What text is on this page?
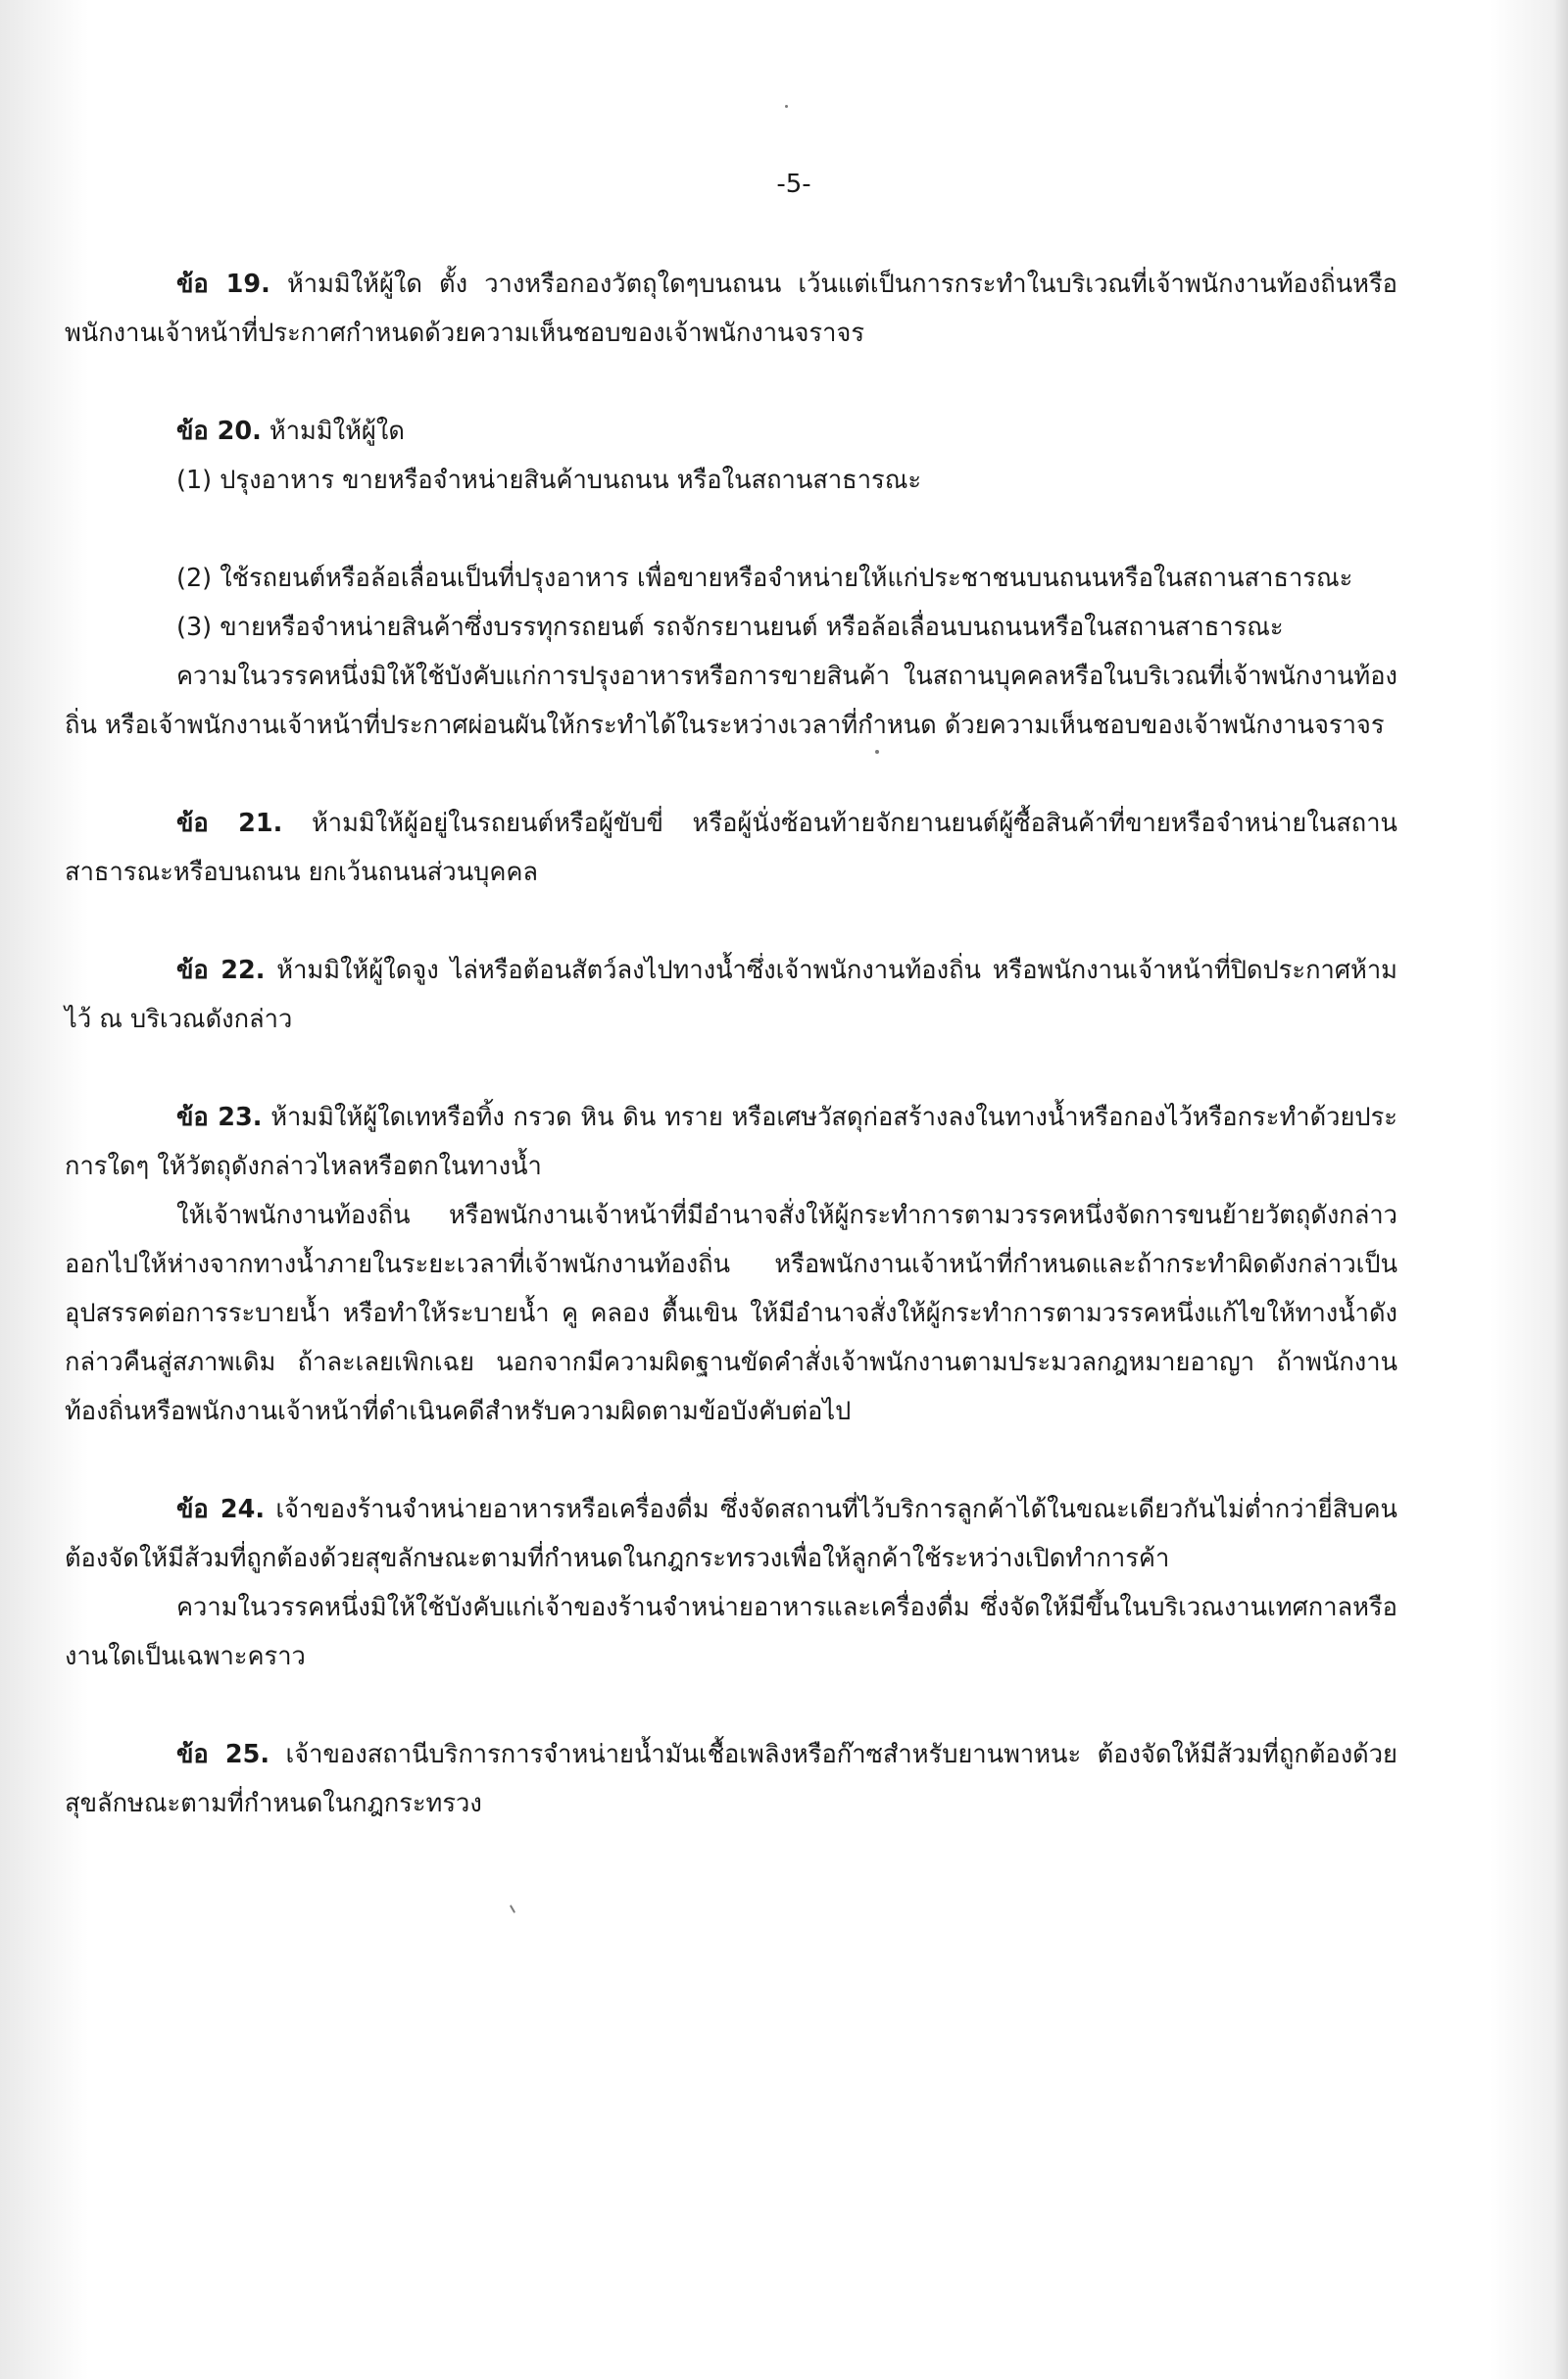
-5-

ข้อ 19. ห้ามมิให้ผู้ใด ตั้ง วางหรือกองวัตถุใดๆบนถนน เว้นแต่เป็นการกระทำในบริเวณที่เจ้าพนักงานท้องถิ่นหรือพนักงานเจ้าหน้าที่ประกาศกำหนดด้วยความเห็นชอบของเจ้าพนักงานจราจร

ข้อ 20. ห้ามมิให้ผู้ใด

(1) ปรุงอาหาร ขายหรือจำหน่ายสินค้าบนถนน หรือในสถานสาธารณะ

(2) ใช้รถยนต์หรือล้อเลื่อนเป็นที่ปรุงอาหาร เพื่อขายหรือจำหน่ายให้แก่ประชาชนบนถนนหรือในสถานสาธารณะ

(3) ขายหรือจำหน่ายสินค้าซึ่งบรรทุกรถยนต์ รถจักรยานยนต์ หรือล้อเลื่อนบนถนนหรือในสถานสาธารณะ

ความในวรรคหนึ่งมิให้ใช้บังคับแก่การปรุงอาหารหรือการขายสินค้า ในสถานบุคคลหรือในบริเวณที่เจ้าพนักงานท้องถิ่น หรือเจ้าพนักงานเจ้าหน้าที่ประกาศผ่อนผันให้กระทำได้ในระหว่างเวลาที่กำหนด ด้วยความเห็นชอบของเจ้าพนักงานจราจร

ข้อ 21. ห้ามมิให้ผู้อยู่ในรถยนต์หรือผู้ขับขี่ หรือผู้นั่งซ้อนท้ายจักยานยนต์ผู้ซื้อสินค้าที่ขายหรือจำหน่ายในสถานสาธารณะหรือบนถนน ยกเว้นถนนส่วนบุคคล

ข้อ 22. ห้ามมิให้ผู้ใดจูง ไล่หรือต้อนสัตว์ลงไปทางน้ำซึ่งเจ้าพนักงานท้องถิ่น หรือพนักงานเจ้าหน้าที่ปิดประกาศห้ามไว้ ณ บริเวณดังกล่าว

ข้อ 23. ห้ามมิให้ผู้ใดเทหรือทิ้ง กรวด หิน ดิน ทราย หรือเศษวัสดุก่อสร้างลงในทางน้ำหรือกองไว้หรือกระทำด้วยประการใดๆ ให้วัตถุดังกล่าวไหลหรือตกในทางน้ำ

ให้เจ้าพนักงานท้องถิ่น หรือพนักงานเจ้าหน้าที่มีอำนาจสั่งให้ผู้กระทำการตามวรรคหนึ่งจัดการขนย้ายวัตถุดังกล่าวออกไปให้ห่างจากทางน้ำภายในระยะเวลาที่เจ้าพนักงานท้องถิ่น หรือพนักงานเจ้าหน้าที่กำหนดและถ้ากระทำผิดดังกล่าวเป็นอุปสรรคต่อการระบายน้ำ หรือทำให้ระบายน้ำ คู คลอง ตื้นเขิน ให้มีอำนาจสั่งให้ผู้กระทำการตามวรรคหนึ่งแก้ไขให้ทางน้ำดังกล่าวคืนสู่สภาพเดิม ถ้าละเลยเพิกเฉย นอกจากมีความผิดฐานขัดคำสั่งเจ้าพนักงานตามประมวลกฎหมายอาญา ถ้าพนักงานท้องถิ่นหรือพนักงานเจ้าหน้าที่ดำเนินคดีสำหรับความผิดตามข้อบังคับต่อไป

ข้อ 24. เจ้าของร้านจำหน่ายอาหารหรือเครื่องดื่ม ซึ่งจัดสถานที่ไว้บริการลูกค้าได้ในขณะเดียวกันไม่ต่ำกว่ายี่สิบคน ต้องจัดให้มีส้วมที่ถูกต้องด้วยสุขลักษณะตามที่กำหนดในกฎกระทรวงเพื่อให้ลูกค้าใช้ระหว่างเปิดทำการค้า

ความในวรรคหนึ่งมิให้ใช้บังคับแก่เจ้าของร้านจำหน่ายอาหารและเครื่องดื่ม ซึ่งจัดให้มีขึ้นในบริเวณงานเทศกาลหรืองานใดเป็นเฉพาะคราว

ข้อ 25. เจ้าของสถานีบริการการจำหน่ายน้ำมันเชื้อเพลิงหรือก๊าซสำหรับยานพาหนะ ต้องจัดให้มีส้วมที่ถูกต้องด้วยสุขลักษณะตามที่กำหนดในกฎกระทรวง
